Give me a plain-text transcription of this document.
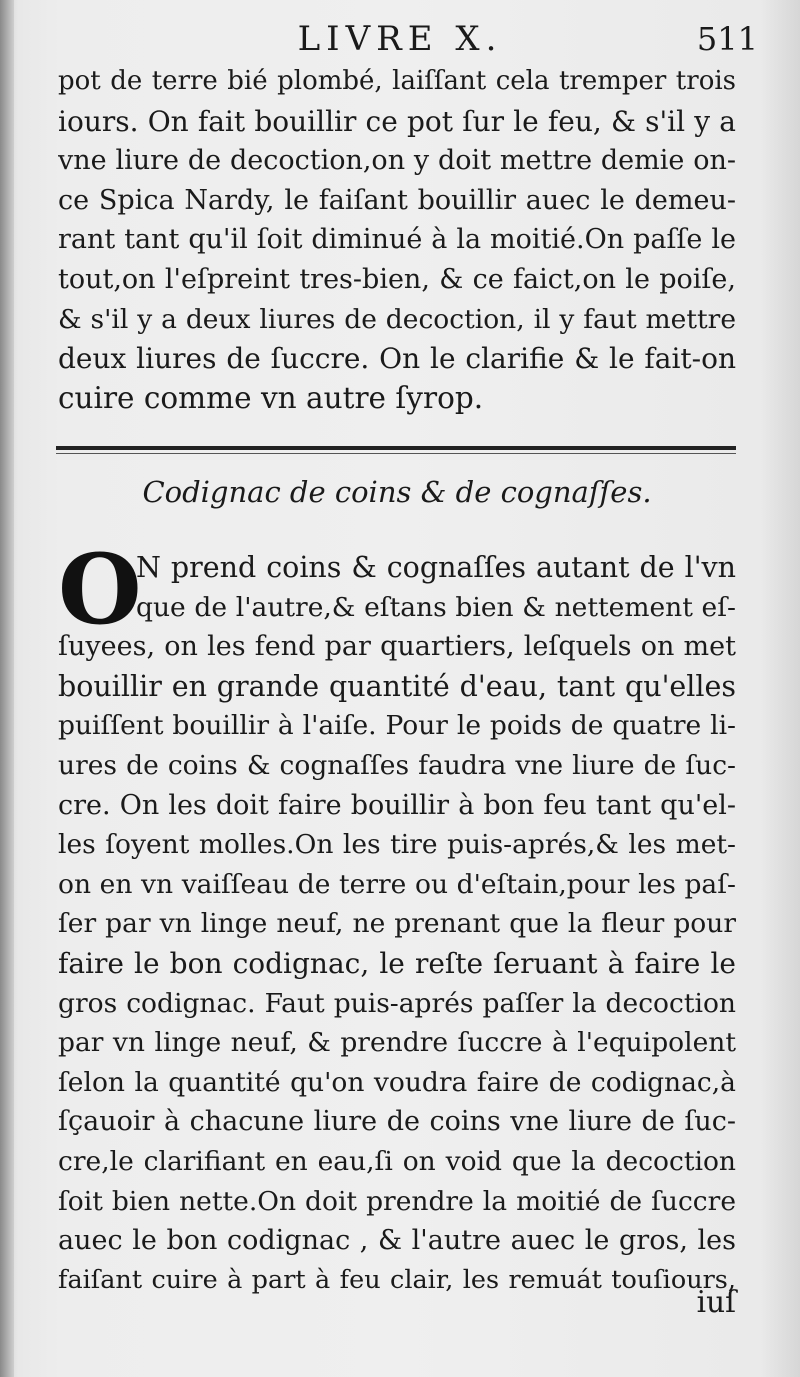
LIVRE X.	511
pot de terre bié plombé, laiſſant cela tremper trois
iours. On fait bouillir ce pot ſur le feu, & s'il y a
vne liure de decoction,on y doit mettre demie on-
ce Spica Nardy, le faiſant bouillir auec le demeu-
rant tant qu'il ſoit diminué à la moitié.On paſſe le
tout,on l'eſpreint tres-bien, & ce faict,on le poiſe,
& s'il y a deux liures de decoction, il y faut mettre
deux liures de ſuccre. On le clarifie & le fait-on
cuire comme vn autre ſyrop.
Codignac de coins & de cognaſſes.
O
N prend coins & cognaſſes autant de l'vn
que de l'autre,& eſtans bien & nettement eſ-
ſuyees, on les fend par quartiers, leſquels on met
bouillir en grande quantité d'eau, tant qu'elles
puiſſent bouillir à l'aiſe. Pour le poids de quatre li-
ures de coins & cognaſſes faudra vne liure de ſuc-
cre. On les doit faire bouillir à bon feu tant qu'el-
les ſoyent molles.On les tire puis-aprés,& les met-
on en vn vaiſſeau de terre ou d'eſtain,pour les paſ-
ſer par vn linge neuf, ne prenant que la fleur pour
faire le bon codignac, le reſte ſeruant à faire le
gros codignac. Faut puis-aprés paſſer la decoction
par vn linge neuf, & prendre ſuccre à l'equipolent
ſelon la quantité qu'on voudra faire de codignac,à
ſçauoir à chacune liure de coins vne liure de ſuc-
cre,le clarifiant en eau,ſi on void que la decoction
ſoit bien nette.On doit prendre la moitié de ſuccre
auec le bon codignac , & l'autre auec le gros, les
faiſant cuire à part à feu clair, les remuát touſiours,
iuſ
